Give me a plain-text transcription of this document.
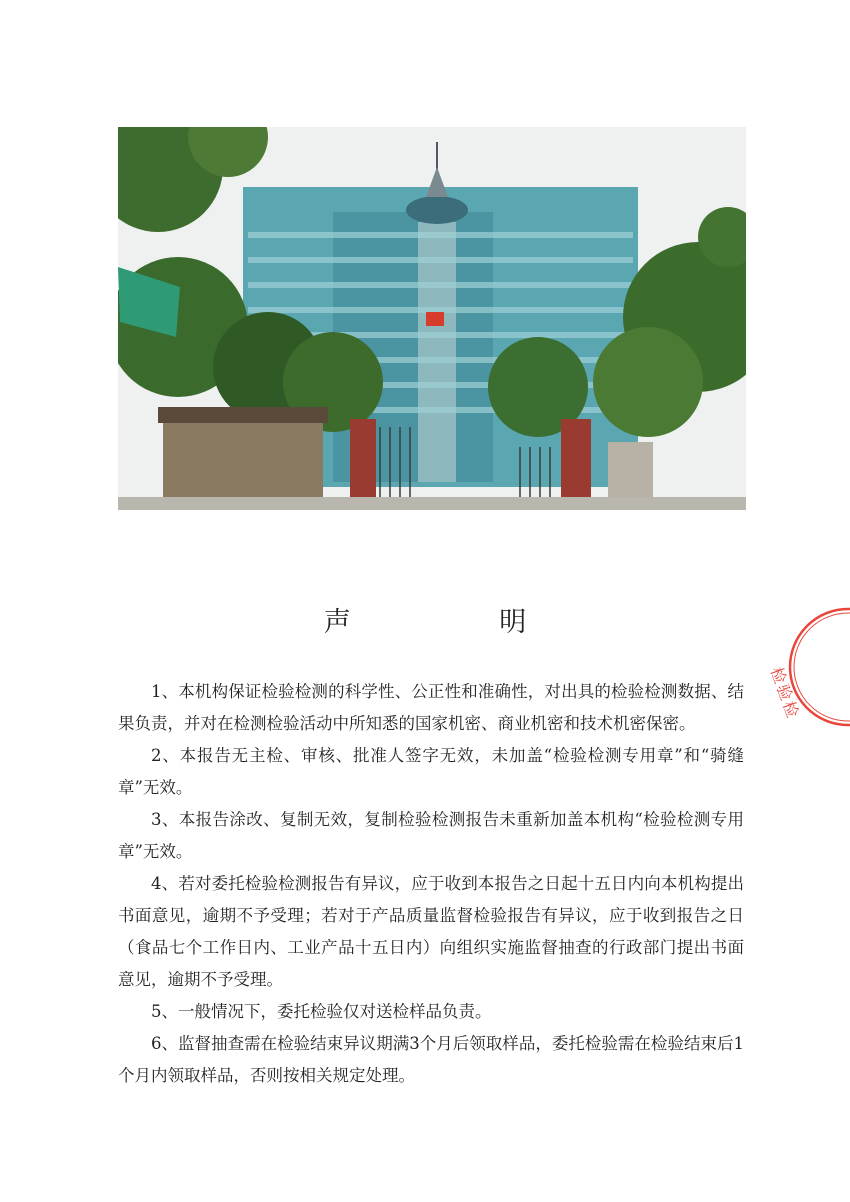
声 明

1、本机构保证检验检测的科学性、公正性和准确性，对出具的检验检测数据、结果负责，并对在检测检验活动中所知悉的国家机密、商业机密和技术机密保密。

2、本报告无主检、审核、批准人签字无效，未加盖“检验检测专用章”和“骑缝章”无效。

3、本报告涂改、复制无效，复制检验检测报告未重新加盖本机构“检验检测专用章”无效。

4、若对委托检验检测报告有异议，应于收到本报告之日起十五日内向本机构提出书面意见，逾期不予受理；若对于产品质量监督检验报告有异议，应于收到报告之日（食品七个工作日内、工业产品十五日内）向组织实施监督抽查的行政部门提出书面意见，逾期不予受理。

5、一般情况下，委托检验仅对送检样品负责。

6、监督抽查需在检验结束异议期满3个月后领取样品，委托检验需在检验结束后1个月内领取样品，否则按相关规定处理。

检验检
